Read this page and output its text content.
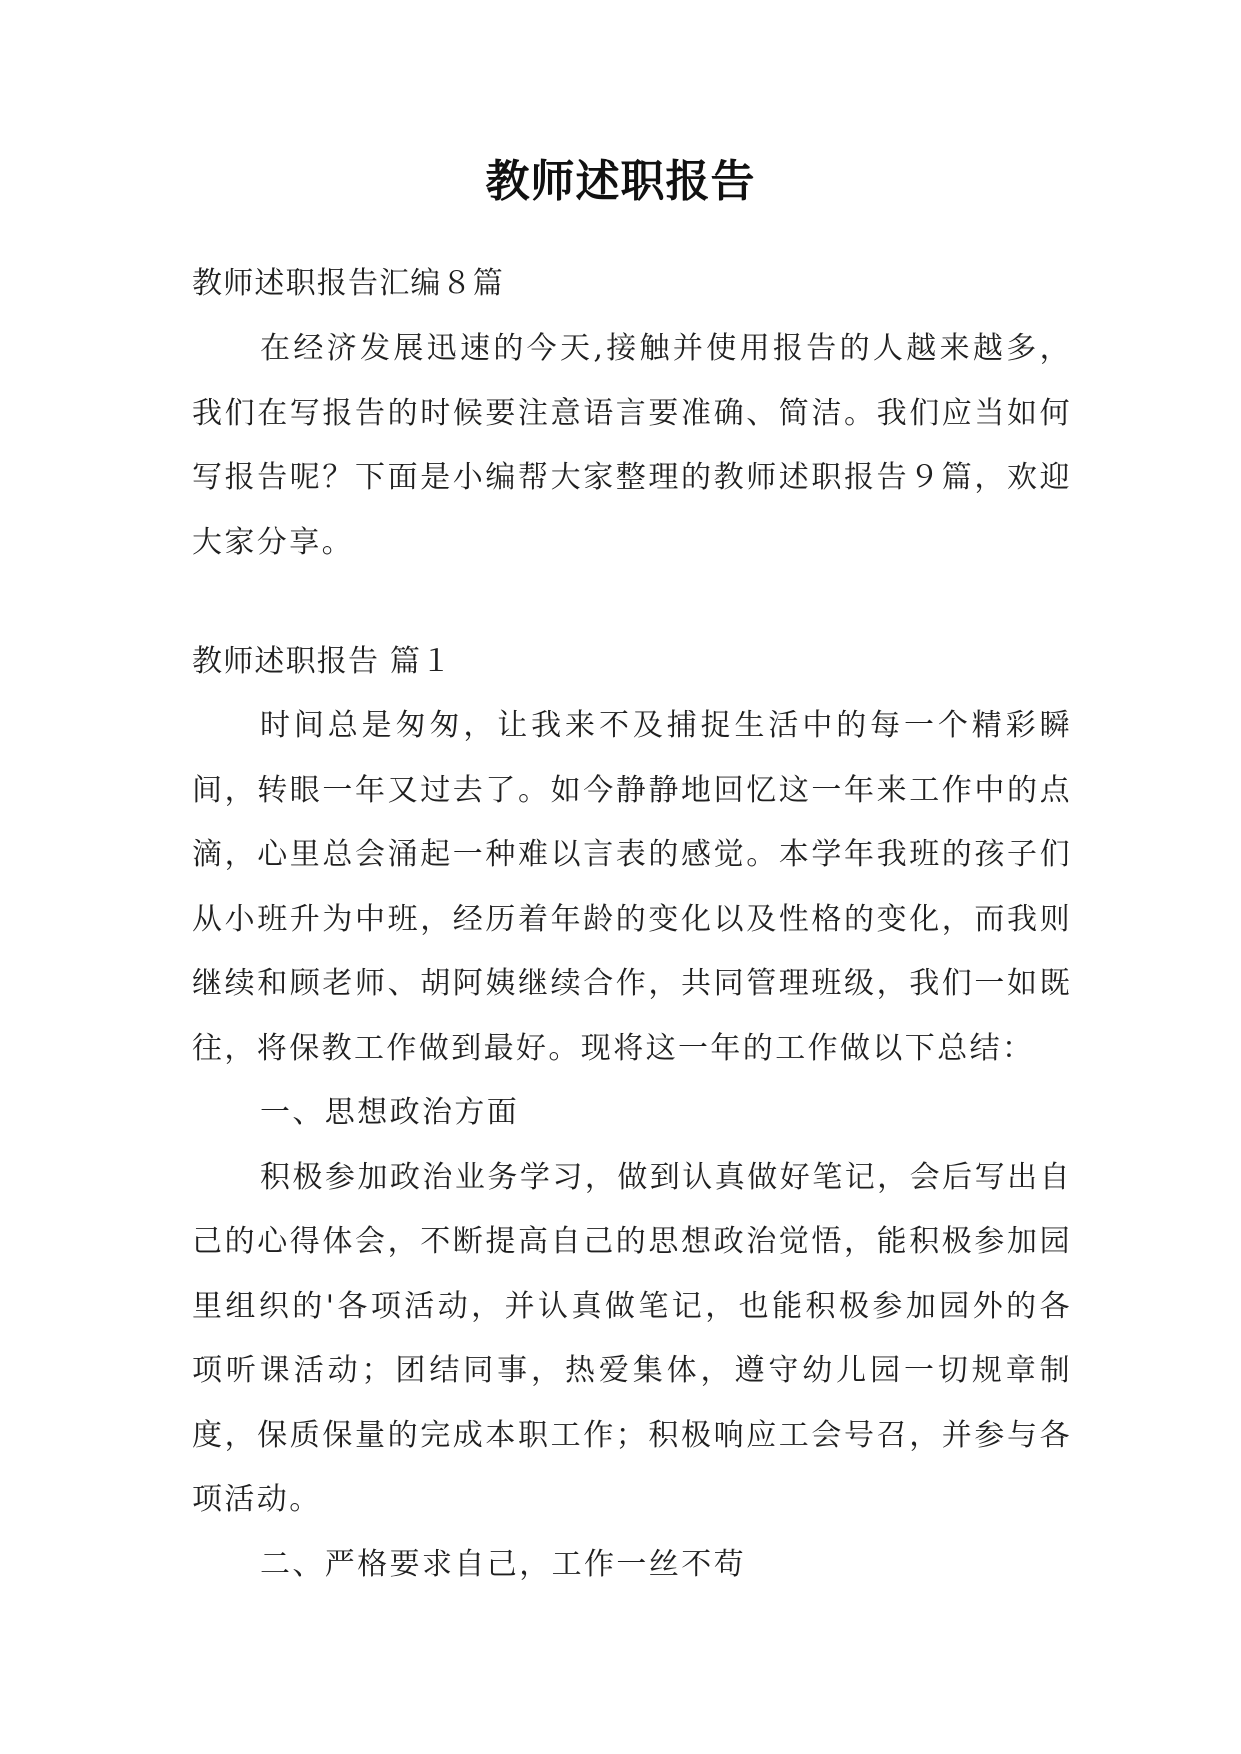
教师述职报告
教师述职报告汇编８篇

在经济发展迅速的今天,接触并使用报告的人越来越多，我们在写报告的时候要注意语言要准确、简洁。我们应当如何写报告呢？下面是小编帮大家整理的教师述职报告９篇，欢迎大家分享。

教师述职报告 篇１

时间总是匆匆，让我来不及捕捉生活中的每一个精彩瞬间，转眼一年又过去了。如今静静地回忆这一年来工作中的点滴，心里总会涌起一种难以言表的感觉。本学年我班的孩子们从小班升为中班，经历着年龄的变化以及性格的变化，而我则继续和顾老师、胡阿姨继续合作，共同管理班级，我们一如既往，将保教工作做到最好。现将这一年的工作做以下总结：

一、思想政治方面

积极参加政治业务学习，做到认真做好笔记，会后写出自己的心得体会，不断提高自己的思想政治觉悟，能积极参加园里组织的'各项活动，并认真做笔记，也能积极参加园外的各项听课活动；团结同事，热爱集体，遵守幼儿园一切规章制度，保质保量的完成本职工作；积极响应工会号召，并参与各项活动。

二、严格要求自己，工作一丝不苟
